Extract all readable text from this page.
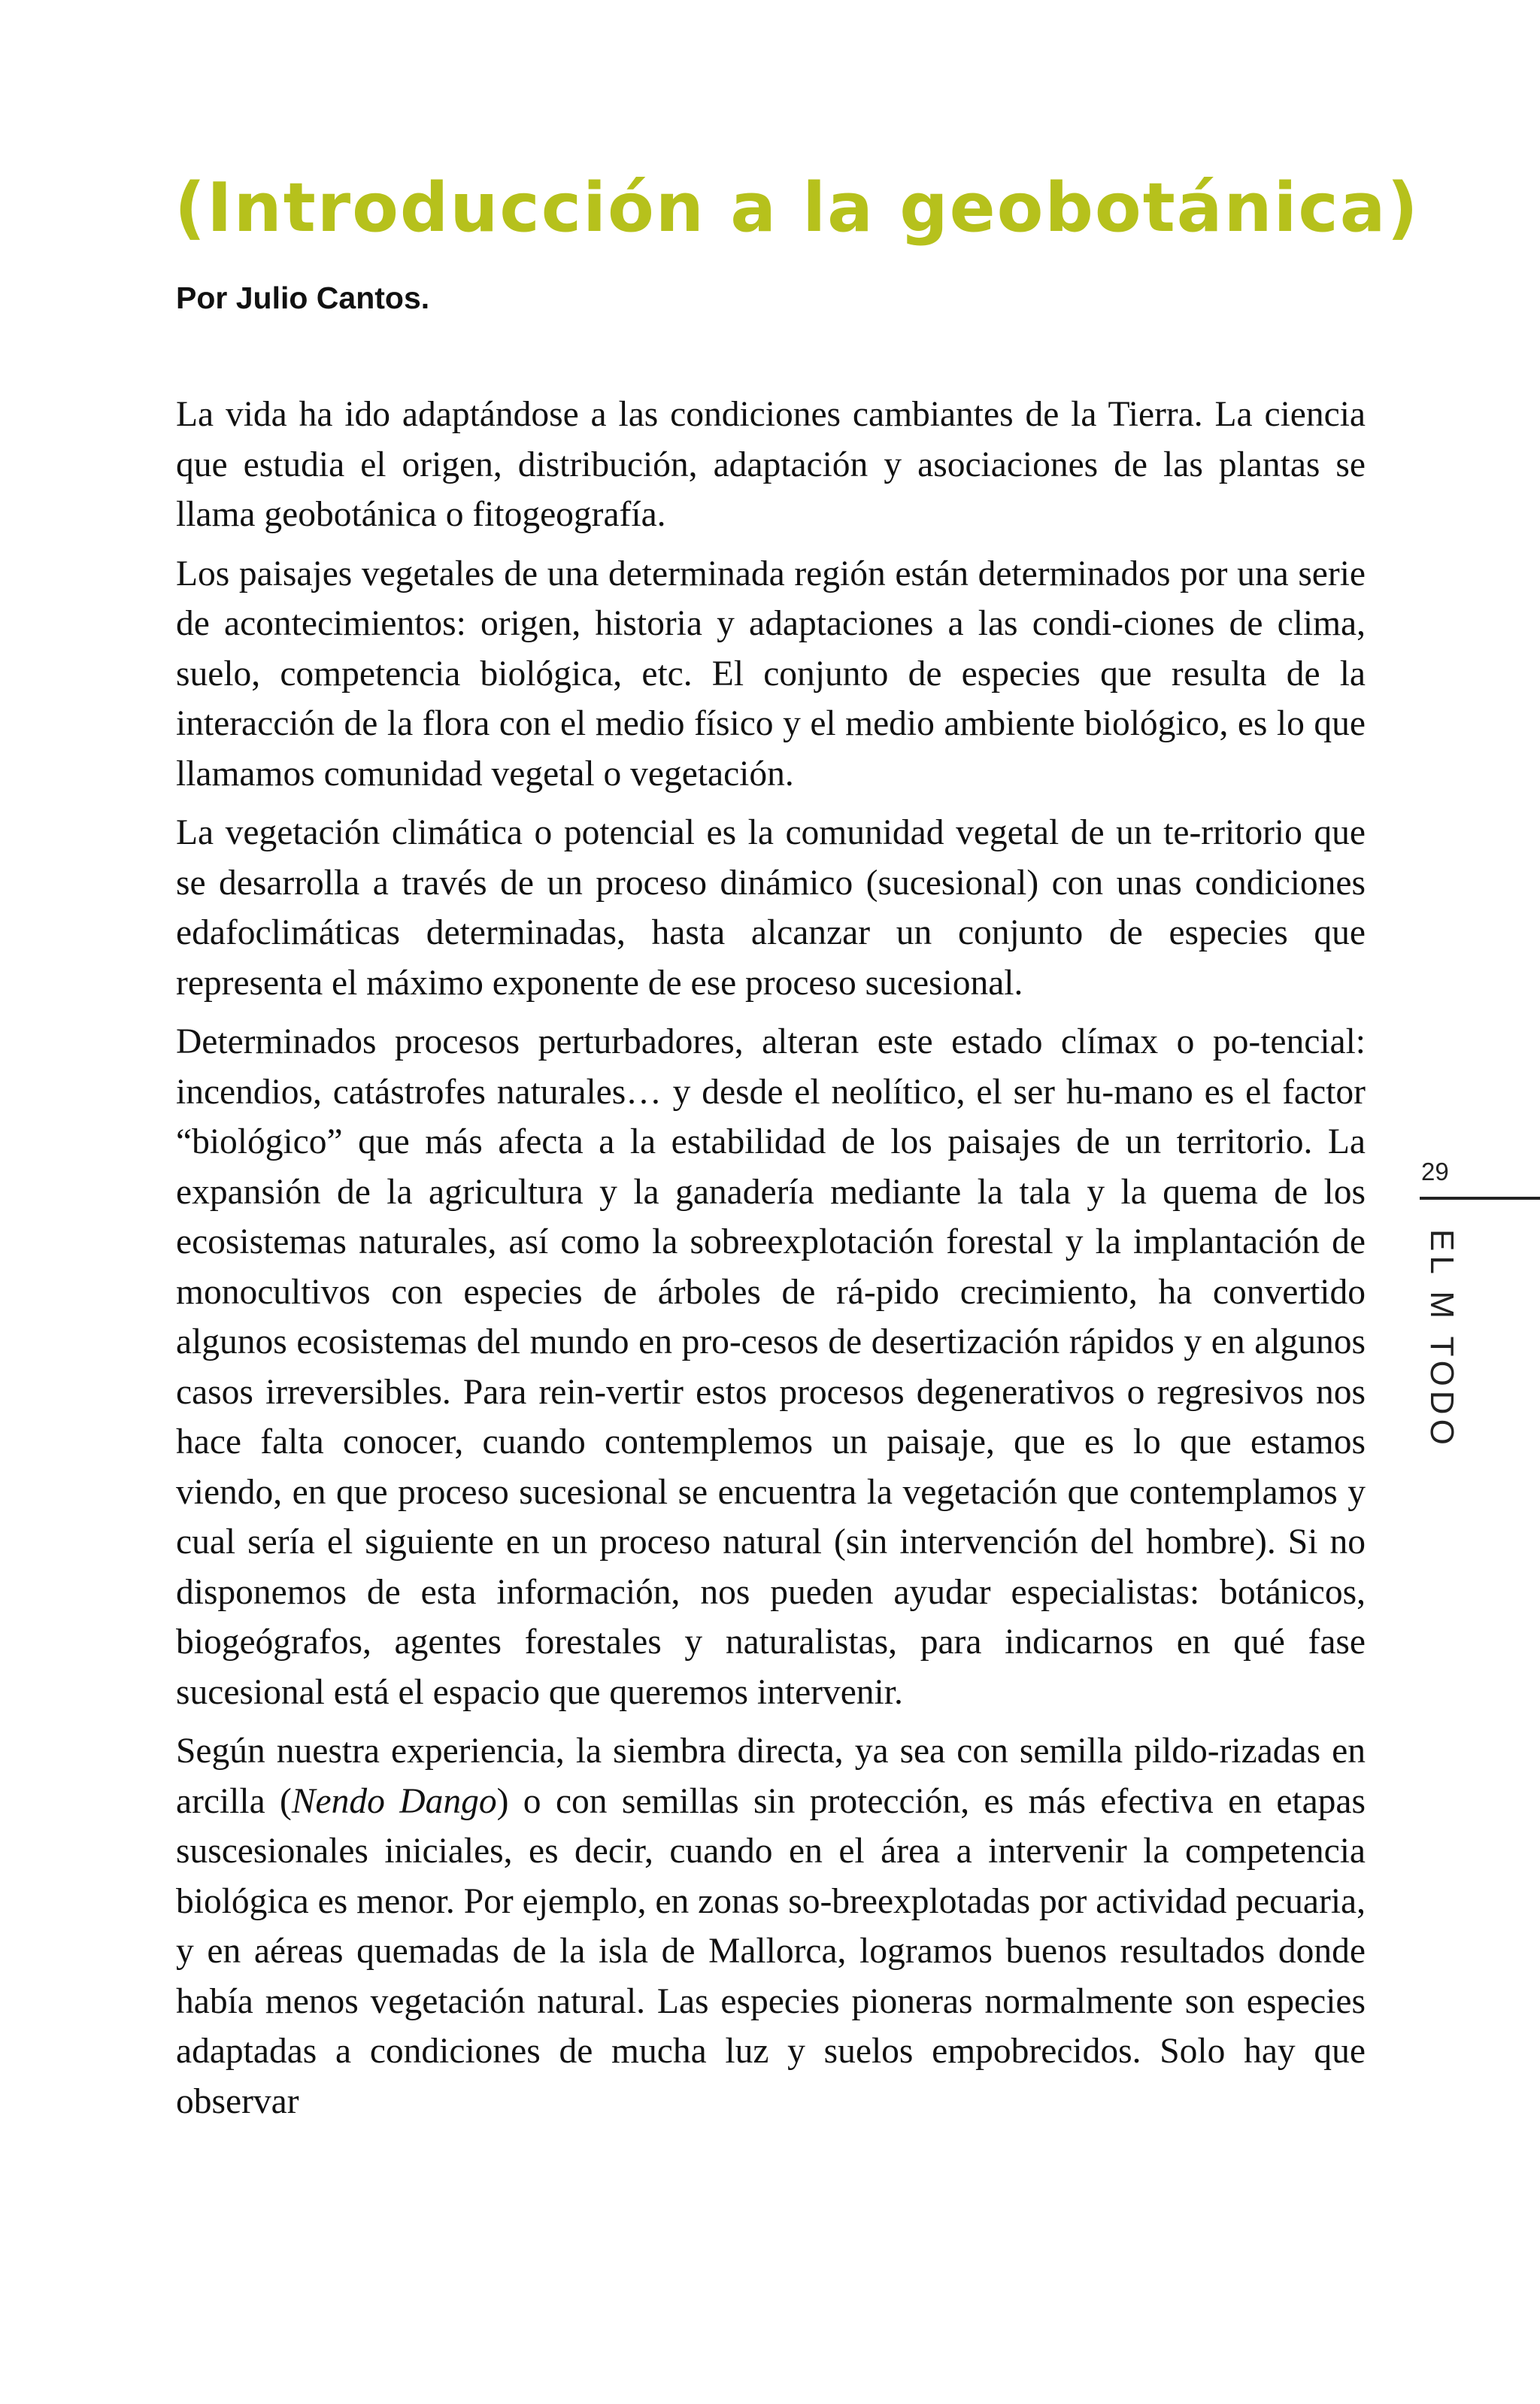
(Introducción a la geobotánica)

Por Julio Cantos.

La vida ha ido adaptándose a las condiciones cambiantes de la Tierra. La ciencia que estudia el origen, distribución, adaptación y asociaciones de las plantas se llama geobotánica o fitogeografía.

Los paisajes vegetales de una determinada región están determinados por una serie de acontecimientos: origen, historia y adaptaciones a las condi-ciones de clima, suelo, competencia biológica, etc. El conjunto de especies que resulta de la interacción de la flora con el medio físico y el medio ambiente biológico, es lo que llamamos comunidad vegetal o vegetación.

La vegetación climática o potencial es la comunidad vegetal de un te-rritorio que se desarrolla a través de un proceso dinámico (sucesional) con unas condiciones edafoclimáticas determinadas, hasta alcanzar un conjunto de especies que representa el máximo exponente de ese proceso sucesional.

Determinados procesos perturbadores, alteran este estado clímax o po-tencial: incendios, catástrofes naturales… y desde el neolítico, el ser hu-mano es el factor “biológico” que más afecta a la estabilidad de los paisajes de un territorio. La expansión de la agricultura y la ganadería mediante la tala y la quema de los ecosistemas naturales, así como la sobreexplotación forestal y la implantación de monocultivos con especies de árboles de rá-pido crecimiento, ha convertido algunos ecosistemas del mundo en pro-cesos de desertización rápidos y en algunos casos irreversibles. Para rein-vertir estos procesos degenerativos o regresivos nos hace falta conocer, cuando contemplemos un paisaje, que es lo que estamos viendo, en que proceso sucesional se encuentra la vegetación que contemplamos y cual sería el siguiente en un proceso natural (sin intervención del hombre). Si no disponemos de esta información, nos pueden ayudar especialistas: botánicos, biogeógrafos, agentes forestales y naturalistas, para indicarnos en qué fase sucesional está el espacio que queremos intervenir.

Según nuestra experiencia, la siembra directa, ya sea con semilla pildo-rizadas en arcilla (Nendo Dango) o con semillas sin protección, es más efectiva en etapas suscesionales iniciales, es decir, cuando en el área a intervenir la competencia biológica es menor. Por ejemplo, en zonas so-breexplotadas por actividad pecuaria, y en aéreas quemadas de la isla de Mallorca, logramos buenos resultados donde había menos vegetación natural. Las especies pioneras normalmente son especies adaptadas a condiciones de mucha luz y suelos empobrecidos. Solo hay que observar

29
EL M TODO
